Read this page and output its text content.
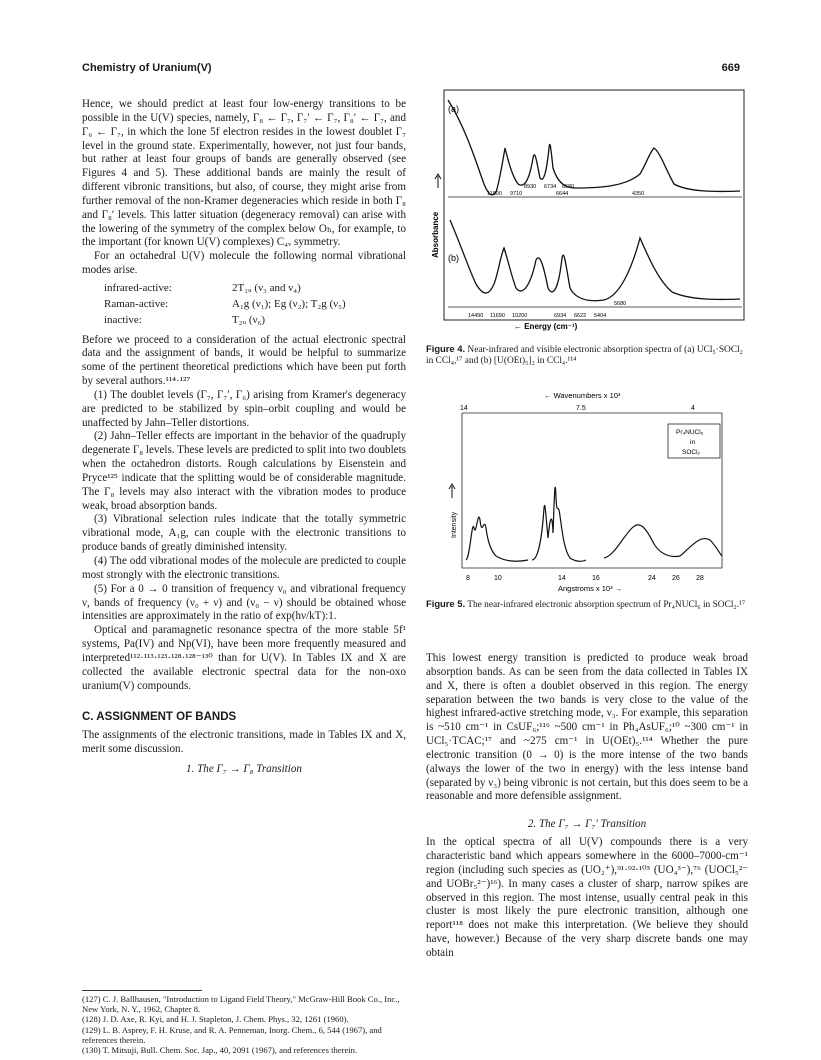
Chemistry of Uranium(V)	669

Hence, we should predict at least four low-energy transitions to be possible in the U(V) species, namely, Γ₈ ← Γ₇, Γ₇′ ← Γ₇, Γ₈′ ← Γ₇, and Γ₆ ← Γ₇, in which the lone 5f electron resides in the lowest doublet Γ₇ level in the ground state. Experimentally, however, not just four bands, but rather at least four groups of bands are generally observed (see Figures 4 and 5). These additional bands are mainly the result of different vibronic transitions, but also, of course, they might arise from further removal of the non-Kramer degeneracies which reside in both Γ₈ and Γ₈′ levels. This latter situation (degeneracy removal) can arise with the lowering of the symmetry of the complex below Oₕ, for example, to the important (for known U(V) complexes) C₄ᵥ symmetry.

For an octahedral U(V) molecule the following normal vibrational modes arise.

infrared-active:	2T₁ᵤ (ν₃ and ν₄)
Raman-active:	A₁g (ν₁); Eg (ν₂); T₂g (ν₅)
inactive:	T₂ᵤ (ν₆)

Before we proceed to a consideration of the actual electronic spectral data and the assignment of bands, it would be helpful to summarize some of the pertinent theoretical predictions which have been put forth by several authors.¹¹⁴·¹²⁷

(1) The doublet levels (Γ₇, Γ₇′, Γ₆) arising from Kramer's degeneracy are predicted to be stabilized by spin–orbit coupling and would be unaffected by Jahn–Teller distortions.

(2) Jahn–Teller effects are important in the behavior of the quadruply degenerate Γ₈ levels. These levels are predicted to split into two doublets when the octahedron distorts. Rough calculations by Eisenstein and Pryce¹²⁵ indicate that the splitting would be of considerable magnitude. The Γ₈ levels may also interact with the vibration modes to produce weak, broad absorption bands.

(3) Vibrational selection rules indicate that the totally symmetric vibrational mode, A₁g, can couple with the electronic transitions to produce bands of greatly diminished intensity.

(4) The odd vibrational modes of the molecule are predicted to couple most strongly with the electronic transitions.

(5) For a 0 → 0 transition of frequency ν₀ and vibrational frequency ν, bands of frequency (ν₀ + ν) and (ν₀ − ν) should be obtained whose intensities are approximately in the ratio of exp(hν/kT):1.

Optical and paramagnetic resonance spectra of the more stable 5f¹ systems, Pa(IV) and Np(VI), have been more frequently measured and interpreted¹¹²·¹¹³·¹²³·¹²⁸·¹²⁸⁻¹³⁰ than for U(V). In Tables IX and X are collected the available electronic spectral data for the non-oxo uranium(V) compounds.

C. ASSIGNMENT OF BANDS

The assignments of the electronic transitions, made in Tables IX and X, merit some discussion.

1. The Γ₇ → Γ₈ Transition

(127) C. J. Ballhausen, "Introduction to Ligand Field Theory," McGraw-Hill Book Co., Inc., New York, N. Y., 1962, Chapter 8.

(128) J. D. Axe, R. Kyi, and H. J. Stapleton, J. Chem. Phys., 32, 1261 (1960).

(129) L. B. Asprey, F. H. Kruse, and R. A. Penneman, Inorg. Chem., 6, 544 (1967), and references therein.

(130) T. Mitsuji, Bull. Chem. Soc. Jap., 40, 2091 (1967), and references therein.

(a)
11800 9710
8930 6734 6580
6644	4350
(b)
14490 11690 10200	6934 6622 5404
5680
← Energy (cm⁻¹)
Absorbance
Figure 4. Near-infrared and visible electronic absorption spectra of (a) UCl₅·SOCl₂ in CCl₄,¹⁷ and (b) [U(OEt)₅]₂ in CCl₄.¹¹⁴
← Wavenumbers x 10³
14	7.5	4
Pr₄NUCl₆
in
SOCl₂
8	10	14	16	24 26 28
Angstroms x 10³ →
Intensity
Figure 5. The near-infrared electronic absorption spectrum of Pr₄NUCl₆ in SOCl₂.¹⁷

This lowest energy transition is predicted to produce weak broad absorption bands. As can be seen from the data collected in Tables IX and X, there is often a doublet observed in this region. The energy separation between the two bands is very close to the value of the highest infrared-active stretching mode, ν₃. For example, this separation is ~510 cm⁻¹ in CsUF₆;¹¹⁶ ~500 cm⁻¹ in Ph₄AsUF₆;¹⁰ ~300 cm⁻¹ in UCl₅·TCAC;¹⁷ and ~275 cm⁻¹ in U(OEt)₅.¹¹⁴ Whether the pure electronic transition (0 → 0) is the more intense of the two bands (always the lower of the two in energy) with the less intense band (separated by ν₃) being vibronic is not certain, but this does seem to be a reasonable and more defensible assignment.

2. The Γ₇ → Γ₇′ Transition

In the optical spectra of all U(V) compounds there is a very characteristic band which appears somewhere in the 6000–7000-cm⁻¹ region (including such species as (UO₂⁺),⁹¹·⁹²·¹⁰³ (UO₄³⁻),⁷⁶ (UOCl₅²⁻ and UOBr₅²⁻)¹⁶). In many cases a cluster of sharp, narrow spikes are observed in this region. The most intense, usually central peak in this cluster is most likely the pure electronic transition, although one report¹¹⁸ does not make this interpretation. (We believe they should have, however.) Because of the very sharp discrete bands one may obtain
